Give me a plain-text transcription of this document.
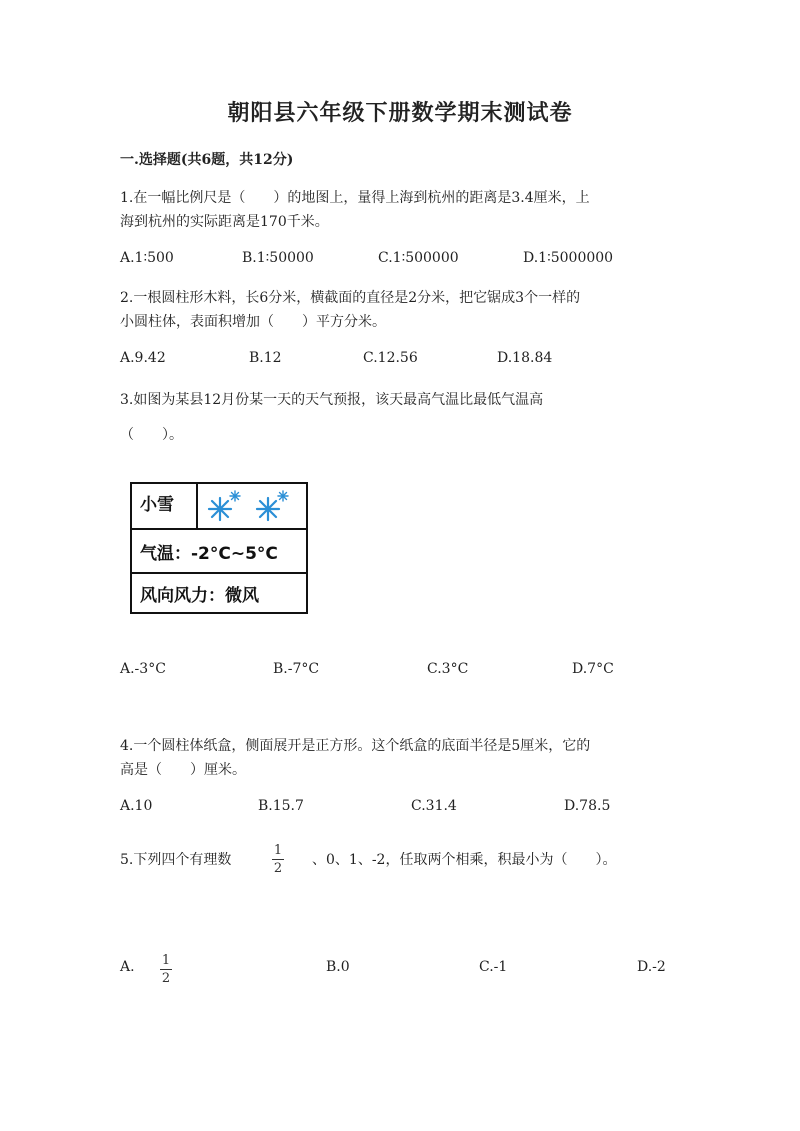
朝阳县六年级下册数学期末测试卷
一.选择题(共6题，共12分)
1.在一幅比例尺是（　　）的地图上，量得上海到杭州的距离是3.4厘米，上
海到杭州的实际距离是170千米。
A.1∶500	B.1∶50000	C.1∶500000	D.1∶5000000
2.一根圆柱形木料，长6分米，横截面的直径是2分米，把它锯成3个一样的
小圆柱体，表面积增加（　　）平方分米。
A.9.42	B.12	C.12.56	D.18.84
3.如图为某县12月份某一天的天气预报，该天最高气温比最低气温高
（　　）。
小雪
气温：-2°C~5°C
风向风力：微风
A.-3°C	B.-7°C	C.3°C	D.7°C
4.一个圆柱体纸盒，侧面展开是正方形。这个纸盒的底面半径是5厘米，它的
高是（　　）厘米。
A.10	B.15.7	C.31.4	D.78.5
5.下列四个有理数
1
2
、0、1、-2，任取两个相乘，积最小为（　　）。
A. 1
2
B.0	C.-1	D.-2
